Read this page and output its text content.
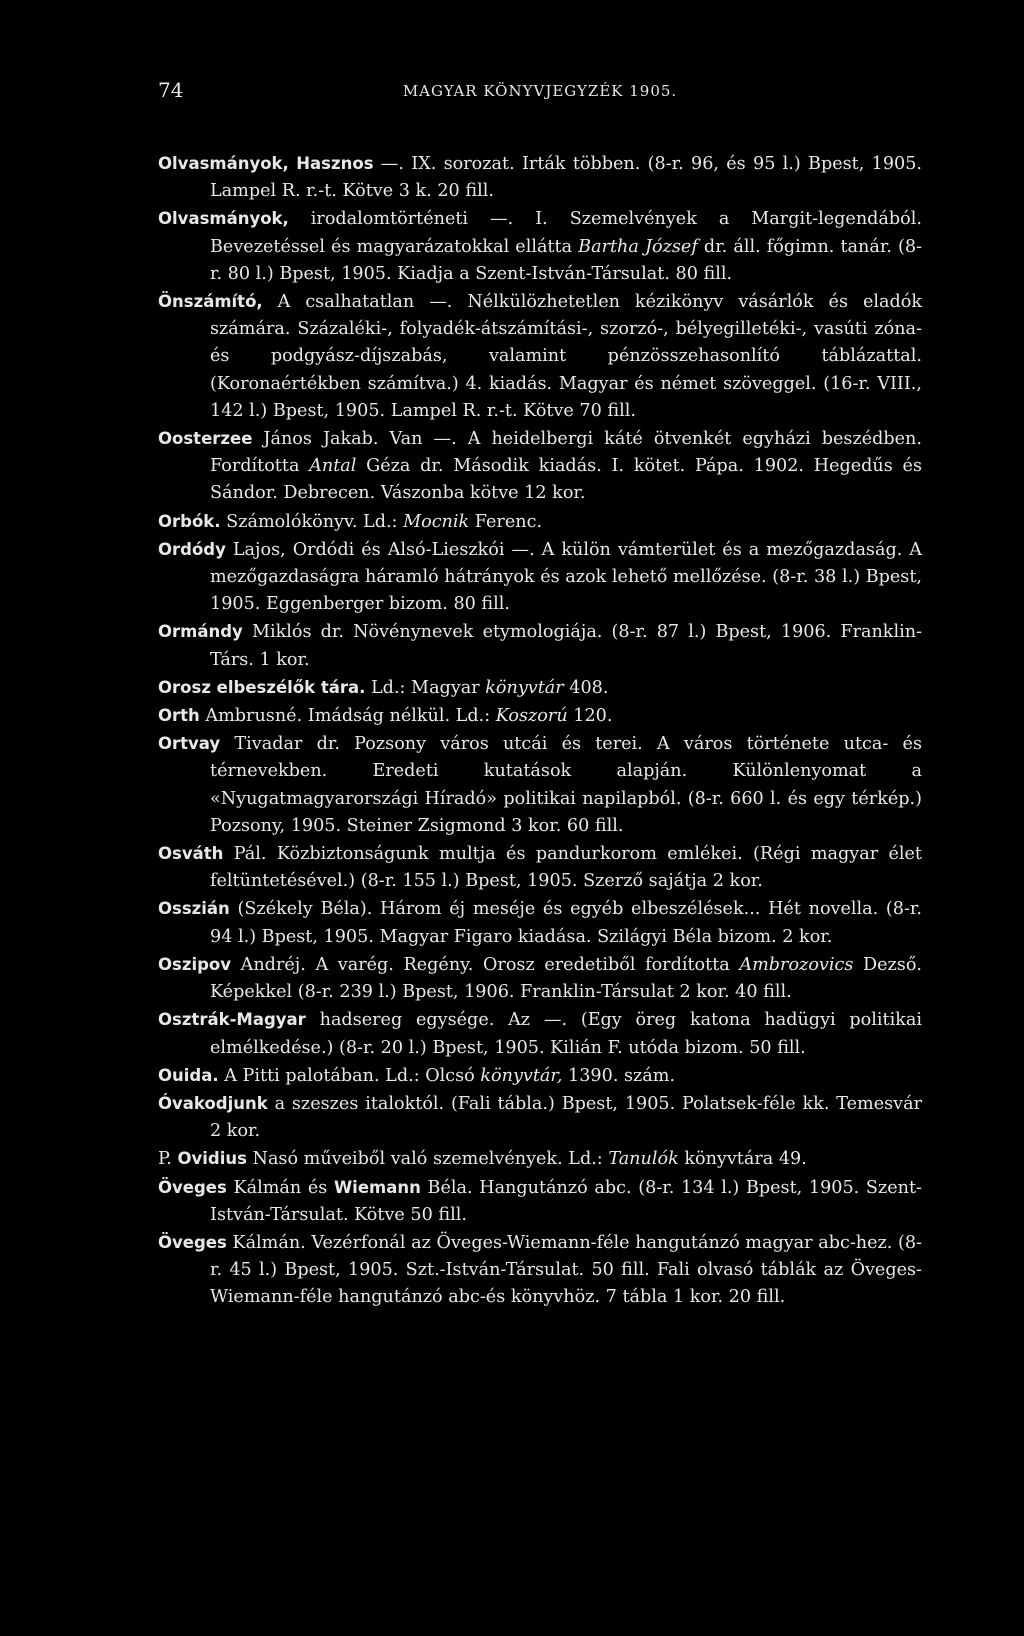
74	MAGYAR KÖNYVJEGYZÉK 1905.

Olvasmányok, Hasznos —. IX. sorozat. Irták többen. (8-r. 96, és 95 l.) Bpest, 1905. Lampel R. r.-t. Kötve 3 k. 20 fill.

Olvasmányok, irodalomtörténeti —. I. Szemelvények a Margit-legendából. Bevezetéssel és magyarázatokkal ellátta Bartha József dr. áll. főgimn. tanár. (8-r. 80 l.) Bpest, 1905. Kiadja a Szent-István-Társulat. 80 fill.

Önszámító, A csalhatatlan —. Nélkülözhetetlen kézikönyv vásárlók és eladók számára. Százaléki-, folyadék-átszámítási-, szorzó-, bélyegilletéki-, vasúti zóna- és podgyász-díjszabás, valamint pénzösszehasonlító táblázattal. (Koronaértékben számítva.) 4. kiadás. Magyar és német szöveggel. (16-r. VIII., 142 l.) Bpest, 1905. Lampel R. r.-t. Kötve 70 fill.

Oosterzee János Jakab. Van —. A heidelbergi káté ötvenkét egyházi beszédben. Fordította Antal Géza dr. Második kiadás. I. kötet. Pápa. 1902. Hegedűs és Sándor. Debrecen. Vászonba kötve 12 kor.

Orbók. Számolókönyv. Ld.: Mocnik Ferenc.

Ordódy Lajos, Ordódi és Alsó-Lieszkói —. A külön vámterület és a mezőgazdaság. A mezőgazdaságra háramló hátrányok és azok lehető mellőzése. (8-r. 38 l.) Bpest, 1905. Eggenberger bizom. 80 fill.

Ormándy Miklós dr. Növénynevek etymologiája. (8-r. 87 l.) Bpest, 1906. Franklin-Társ. 1 kor.

Orosz elbeszélők tára. Ld.: Magyar könyvtár 408.

Orth Ambrusné. Imádság nélkül. Ld.: Koszorú 120.

Ortvay Tivadar dr. Pozsony város utcái és terei. A város története utca- és térnevekben. Eredeti kutatások alapján. Különlenyomat a «Nyugatmagyarországi Híradó» politikai napilapból. (8-r. 660 l. és egy térkép.) Pozsony, 1905. Steiner Zsigmond 3 kor. 60 fill.

Osváth Pál. Közbiztonságunk multja és pandurkorom emlékei. (Régi magyar élet feltüntetésével.) (8-r. 155 l.) Bpest, 1905. Szerző sajátja 2 kor.

Osszián (Székely Béla). Három éj meséje és egyéb elbeszélések... Hét novella. (8-r. 94 l.) Bpest, 1905. Magyar Figaro kiadása. Szilágyi Béla bizom. 2 kor.

Oszipov Andréj. A varég. Regény. Orosz eredetiből fordította Ambrozovics Dezső. Képekkel (8-r. 239 l.) Bpest, 1906. Franklin-Társulat 2 kor. 40 fill.

Osztrák-Magyar hadsereg egysége. Az —. (Egy öreg katona hadügyi politikai elmélkedése.) (8-r. 20 l.) Bpest, 1905. Kilián F. utóda bizom. 50 fill.

Ouida. A Pitti palotában. Ld.: Olcsó könyvtár, 1390. szám.

Óvakodjunk a szeszes italoktól. (Fali tábla.) Bpest, 1905. Polatsek-féle kk. Temesvár 2 kor.

P. Ovidius Nasó műveiből való szemelvények. Ld.: Tanulók könyvtára 49.

Öveges Kálmán és Wiemann Béla. Hangutánzó abc. (8-r. 134 l.) Bpest, 1905. Szent-István-Társulat. Kötve 50 fill.

Öveges Kálmán. Vezérfonál az Öveges-Wiemann-féle hangutánzó magyar abc-hez. (8-r. 45 l.) Bpest, 1905. Szt.-István-Társulat. 50 fill. Fali olvasó táblák az Öveges-Wiemann-féle hangutánzó abc-és könyvhöz. 7 tábla 1 kor. 20 fill.
